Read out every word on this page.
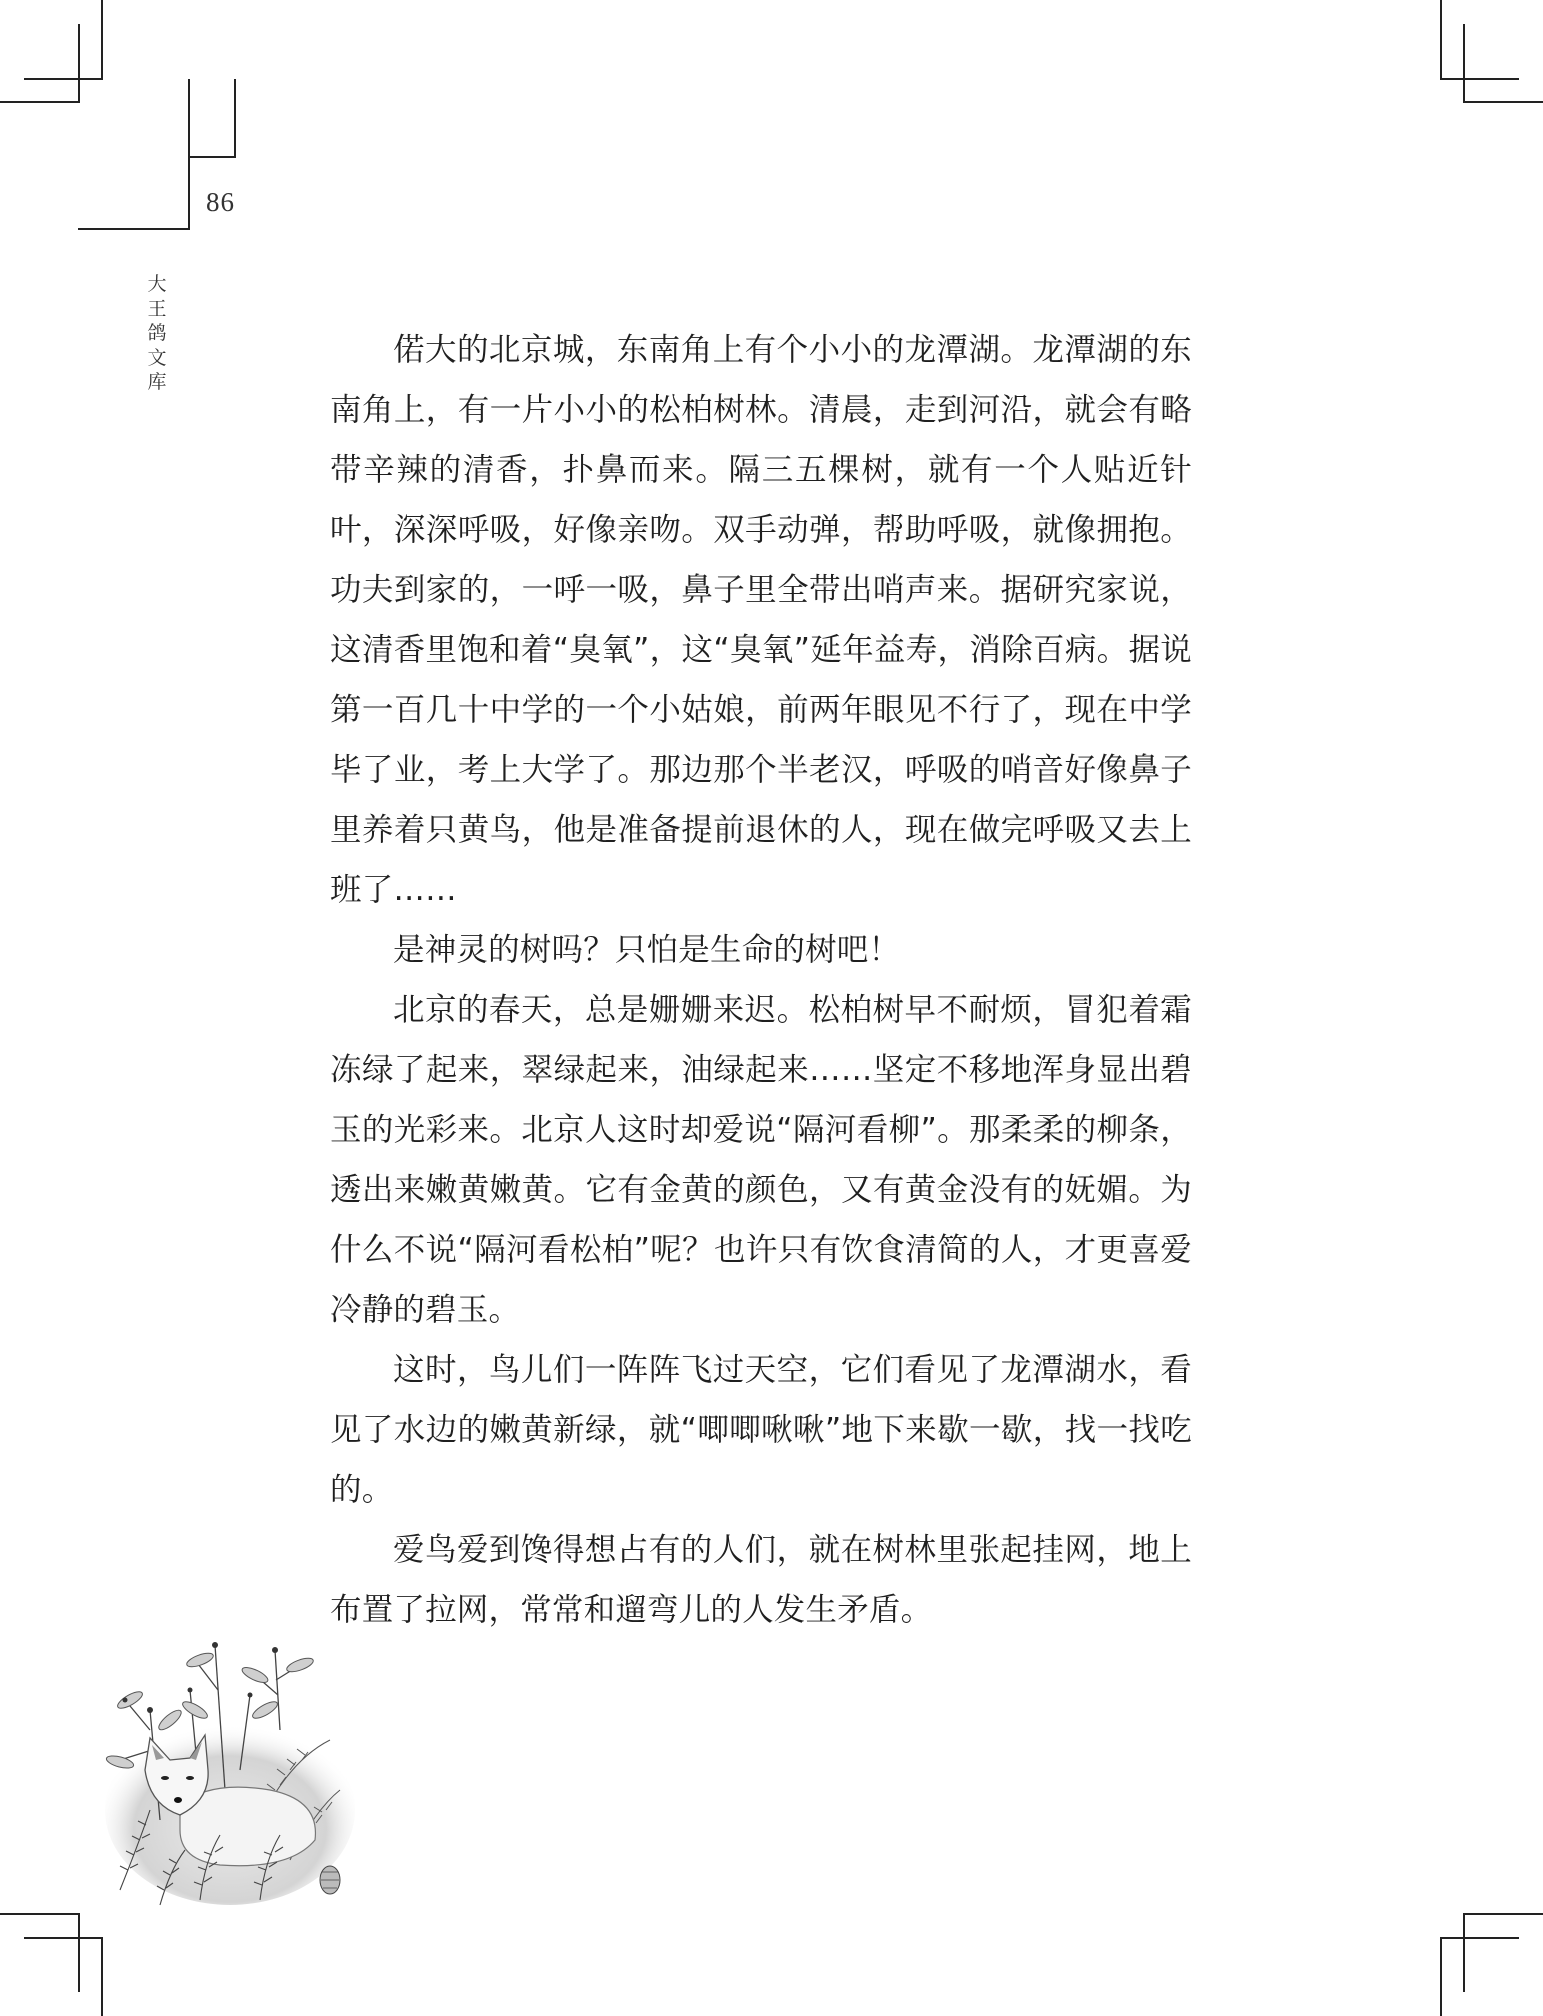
86
大王鸽文库

偌大的北京城，东南角上有个小小的龙潭湖。龙潭湖的东南角上，有一片小小的松柏树林。清晨，走到河沿，就会有略带辛辣的清香，扑鼻而来。隔三五棵树，就有一个人贴近针叶，深深呼吸，好像亲吻。双手动弹，帮助呼吸，就像拥抱。功夫到家的，一呼一吸，鼻子里全带出哨声来。据研究家说，这清香里饱和着“臭氧”，这“臭氧”延年益寿，消除百病。据说第一百几十中学的一个小姑娘，前两年眼见不行了，现在中学毕了业，考上大学了。那边那个半老汉，呼吸的哨音好像鼻子里养着只黄鸟，他是准备提前退休的人，现在做完呼吸又去上班了……

是神灵的树吗？只怕是生命的树吧！

北京的春天，总是姗姗来迟。松柏树早不耐烦，冒犯着霜冻绿了起来，翠绿起来，油绿起来……坚定不移地浑身显出碧玉的光彩来。北京人这时却爱说“隔河看柳”。那柔柔的柳条，透出来嫩黄嫩黄。它有金黄的颜色，又有黄金没有的妩媚。为什么不说“隔河看松柏”呢？也许只有饮食清简的人，才更喜爱冷静的碧玉。

这时，鸟儿们一阵阵飞过天空，它们看见了龙潭湖水，看见了水边的嫩黄新绿，就“唧唧啾啾”地下来歇一歇，找一找吃的。

爱鸟爱到馋得想占有的人们，就在树林里张起挂网，地上布置了拉网，常常和遛弯儿的人发生矛盾。
